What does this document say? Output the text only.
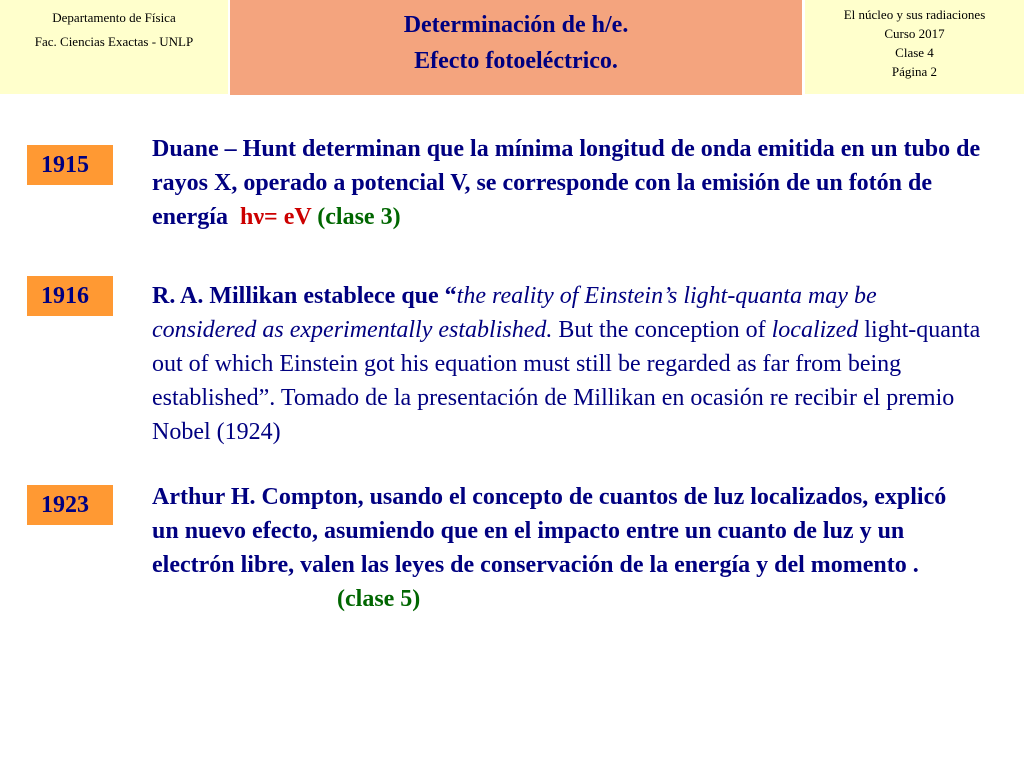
Departamento de Física
Fac. Ciencias Exactas - UNLP
Determinación de h/e.
Efecto fotoeléctrico.
El núcleo y sus radiaciones
Curso 2017
Clase 4
Página 2
1915
Duane – Hunt determinan que la mínima longitud de onda emitida en un tubo de rayos X, operado a potencial V, se corresponde con la emisión de un fotón de energía hν= eV (clase 3)
1916	R. A. Millikan establece que “the reality of Einstein’s light-quanta may be considered as experimentally established. But the conception of localized light-quanta out of which Einstein got his equation must still be regarded as far from being established”. Tomado de la presentación de Millikan en ocasión re recibir el premio Nobel (1924)
1923	Arthur H. Compton, usando el concepto de cuantos de luz localizados, explicó un nuevo efecto, asumiendo que en el impacto entre un cuanto de luz y un electrón libre, valen las leyes de conservación de la energía y del momento .(clase 5)
